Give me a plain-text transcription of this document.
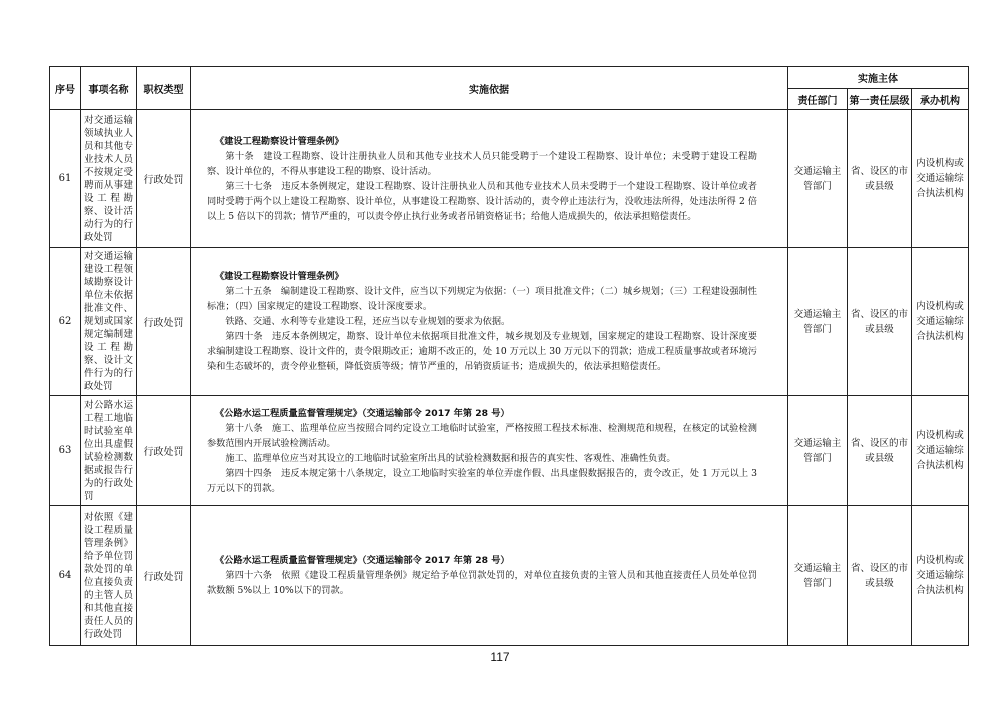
序号	事项名称	职权类型	实施依据	实施主体		
				责任部门	第一责任层级	承办机构
61	对交通运输领域执业人员和其他专业技术人员不按规定受聘而从事建设工程勘察、设计活动行为的行政处罚	行政处罚	《建设工程勘察设计管理条例》
第十条　建设工程勘察、设计注册执业人员和其他专业技术人员只能受聘于一个建设工程勘察、设计单位；未受聘于建设工程勘察、设计单位的，不得从事建设工程的勘察、设计活动。
第三十七条　违反本条例规定，建设工程勘察、设计注册执业人员和其他专业技术人员未受聘于一个建设工程勘察、设计单位或者同时受聘于两个以上建设工程勘察、设计单位，从事建设工程勘察、设计活动的，责令停止违法行为，没收违法所得，处违法所得 2 倍以上 5 倍以下的罚款；情节严重的，可以责令停止执行业务或者吊销资格证书；给他人造成损失的，依法承担赔偿责任。	交通运输主管部门	省、设区的市或县级	内设机构或交通运输综合执法机构
62	对交通运输建设工程领域勘察设计单位未依据批准文件、规划或国家规定编制建设工程勘察、设计文件行为的行政处罚	行政处罚	《建设工程勘察设计管理条例》
第二十五条　编制建设工程勘察、设计文件，应当以下列规定为依据：（一）项目批准文件；（二）城乡规划；（三）工程建设强制性标准；（四）国家规定的建设工程勘察、设计深度要求。
铁路、交通、水利等专业建设工程，还应当以专业规划的要求为依据。
第四十条　违反本条例规定，勘察、设计单位未依据项目批准文件，城乡规划及专业规划，国家规定的建设工程勘察、设计深度要求编制建设工程勘察、设计文件的，责令限期改正；逾期不改正的，处 10 万元以上 30 万元以下的罚款；造成工程质量事故或者环境污染和生态破坏的，责令停业整顿，降低资质等级；情节严重的，吊销资质证书；造成损失的，依法承担赔偿责任。	交通运输主管部门	省、设区的市或县级	内设机构或交通运输综合执法机构
63	对公路水运工程工地临时试验室单位出具虚假试验检测数据或报告行为的行政处罚	行政处罚	《公路水运工程质量监督管理规定》（交通运输部令 2017 年第 28 号）
第十八条　施工、监理单位应当按照合同约定设立工地临时试验室，严格按照工程技术标准、检测规范和规程，在核定的试验检测参数范围内开展试验检测活动。
施工、监理单位应当对其设立的工地临时试验室所出具的试验检测数据和报告的真实性、客观性、准确性负责。
第四十四条　违反本规定第十八条规定，设立工地临时实验室的单位弄虚作假、出具虚假数据报告的，责令改正，处 1 万元以上 3 万元以下的罚款。	交通运输主管部门	省、设区的市或县级	内设机构或交通运输综合执法机构
64	对依照《建设工程质量管理条例》给予单位罚款处罚的单位直接负责的主管人员和其他直接责任人员的行政处罚	行政处罚	《公路水运工程质量监督管理规定》（交通运输部令 2017 年第 28 号）
第四十六条　依照《建设工程质量管理条例》规定给予单位罚款处罚的，对单位直接负责的主管人员和其他直接责任人员处单位罚款数额 5%以上 10%以下的罚款。	交通运输主管部门	省、设区的市或县级	内设机构或交通运输综合执法机构
117
